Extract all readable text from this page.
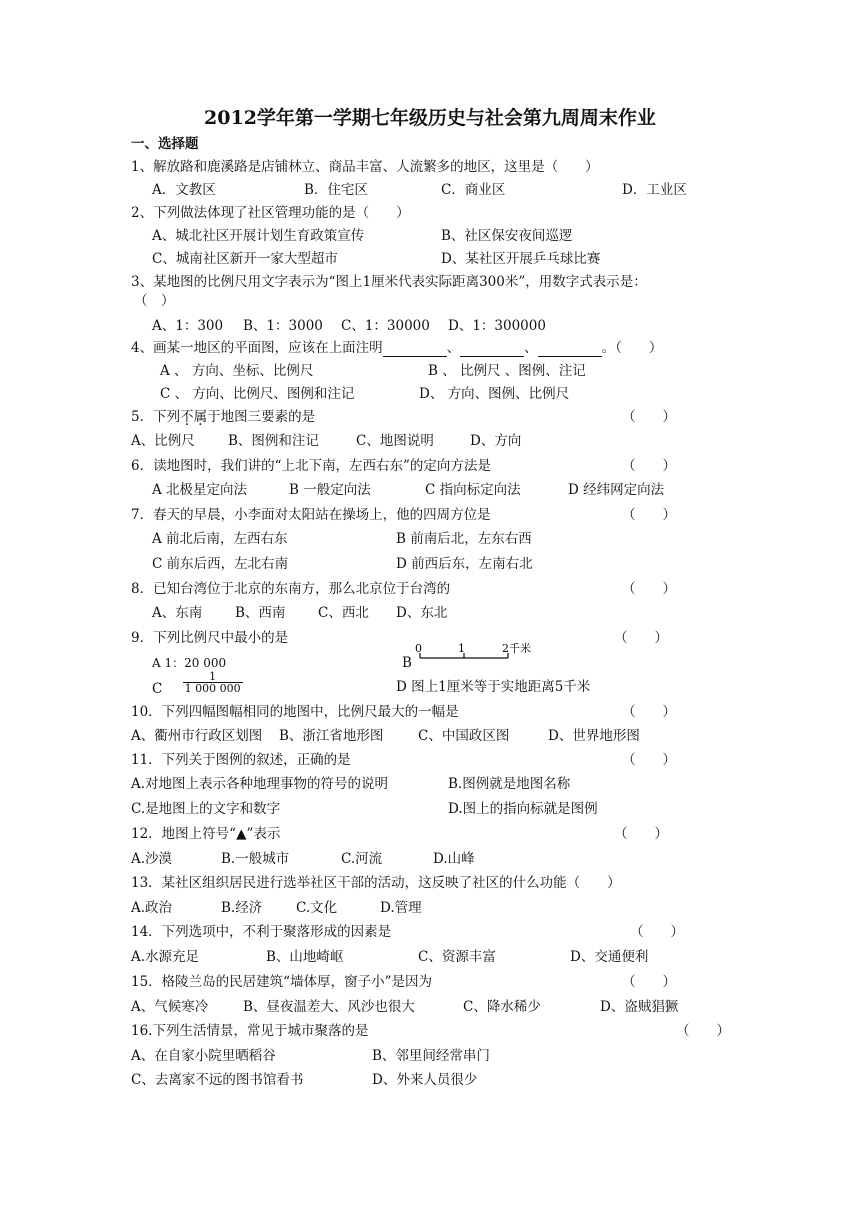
2012学年第一学期七年级历史与社会第九周周末作业
一、选择题
1、解放路和鹿溪路是店铺林立、商品丰富、人流繁多的地区，这里是（　　）
A．文教区	B．住宅区	C．商业区	D．工业区
2、下列做法体现了社区管理功能的是（　　）
A、城北社区开展计划生育政策宣传	B、社区保安夜间巡逻
C、城南社区新开一家大型超市	D、某社区开展乒乓球比赛
3、某地图的比例尺用文字表示为“图上1厘米代表实际距离300米”，用数字式表示是：
（　）
A、1：300 B、1：3000 C、1：30000 D、1：300000
4、画某一地区的平面图，应该在上面注明	、	、	。（　　）
A 、 方向、坐标、比例尺	B 、 比例尺 、图例、注记
C 、 方向、比例尺、图例和注记	D、 方向、图例、比例尺
5．下列不属于地图三要素的是	（　　）
A、比例尺 B、图例和注记	C、地图说明	D、方向
6．读地图时，我们讲的“上北下南，左西右东”的定向方法是	（　　）
A 北极星定向法	B 一般定向法	C 指向标定向法	D 经纬网定向法
7．春天的早晨，小李面对太阳站在操场上，他的四周方位是	（　　）
A 前北后南，左西右东	B 前南后北，左东右西
C 前东后西，左北右南	D 前西后东，左南右北
8．已知台湾位于北京的东南方，那么北京位于台湾的	（　　）
A、东南 B、西南 C、西北 D、东北
9．下列比例尺中最小的是	（　　）
A 1：20 000	B
0	1	2千米
C $\frac{1}{1 000 000}$	D 图上1厘米等于实地距离5千米
10．下列四幅图幅相同的地图中，比例尺最大的一幅是	（　　）
A、衢州市行政区划图 B、浙江省地形图	C、中国政区图	D、世界地形图
11．下列关于图例的叙述，正确的是	（　　）
A.对地图上表示各种地理事物的符号的说明	B.图例就是地图名称
C.是地图上的文字和数字	D.图上的指向标就是图例
12．地图上符号“▲”表示	（　　）
A.沙漠	B.一般城市	C.河流	D.山峰
13．某社区组织居民进行选举社区干部的活动，这反映了社区的什么功能（　　）
A.政治	B.经济	C.文化	D.管理
14．下列选项中，不利于聚落形成的因素是	（　　）
A.水源充足	B、山地崎岖	C、资源丰富	D、交通便利
15．格陵兰岛的民居建筑“墙体厚，窗子小”是因为	（　　）
A、气候寒冷	B、昼夜温差大、风沙也很大	C、降水稀少	D、盗贼猖獗
16.下列生活情景，常见于城市聚落的是	（　　）
A、在自家小院里晒稻谷	B、邻里间经常串门
C、去离家不远的图书馆看书	D、外来人员很少
